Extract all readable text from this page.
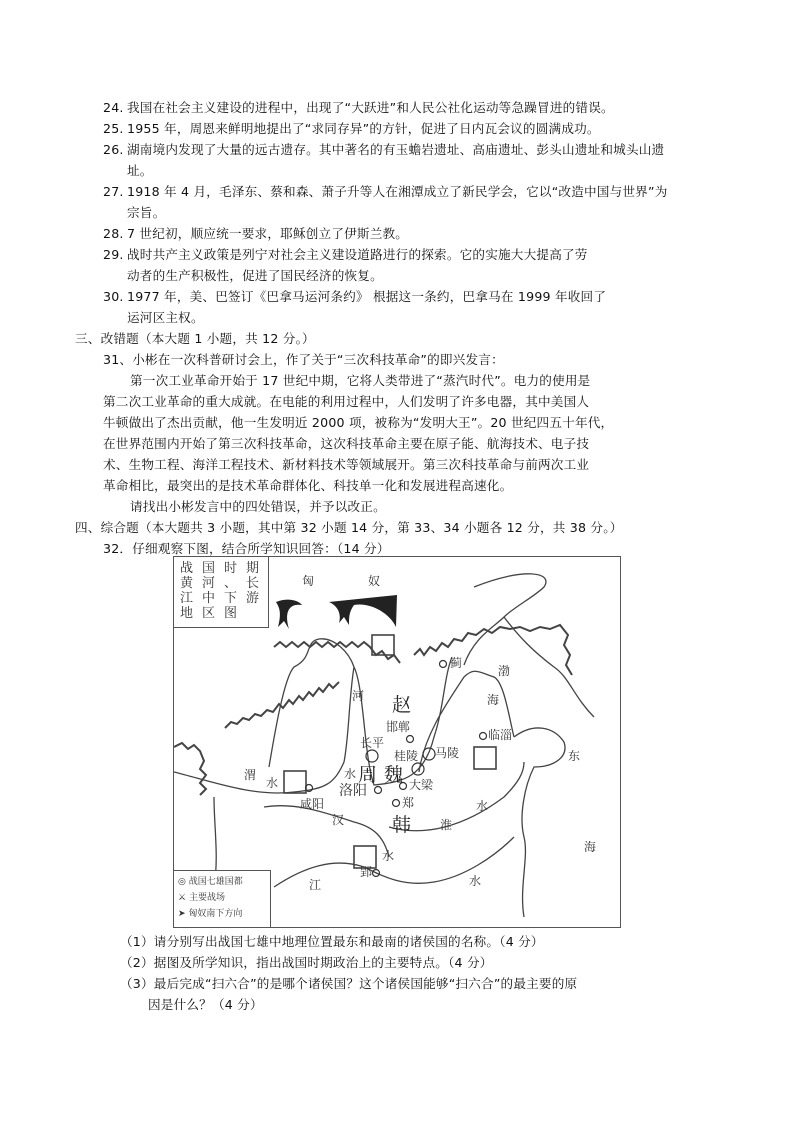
24. 我国在社会主义建设的进程中，出现了“大跃进”和人民公社化运动等急躁冒进的错误。
25. 1955 年，周恩来鲜明地提出了“求同存异”的方针，促进了日内瓦会议的圆满成功。
26. 湖南境内发现了大量的远古遗存。其中著名的有玉蟾岩遗址、高庙遗址、彭头山遗址和城头山遗
址。
27. 1918 年 4 月，毛泽东、蔡和森、萧子升等人在湘潭成立了新民学会，它以“改造中国与世界”为
宗旨。
28. 7 世纪初，顺应统一要求，耶稣创立了伊斯兰教。
29. 战时共产主义政策是列宁对社会主义建设道路进行的探索。它的实施大大提高了劳
动者的生产积极性，促进了国民经济的恢复。
30. 1977 年，美、巴签订《巴拿马运河条约》 根据这一条约，巴拿马在 1999 年收回了
运河区主权。
三、改错题（本大题 1 小题，共 12 分。）
31、小彬在一次科普研讨会上，作了关于“三次科技革命”的即兴发言：
第一次工业革命开始于 17 世纪中期，它将人类带进了“蒸汽时代”。电力的使用是
第二次工业革命的重大成就。在电能的利用过程中，人们发明了许多电器，其中美国人
牛顿做出了杰出贡献，他一生发明近 2000 项，被称为“发明大王”。20 世纪四五十年代，
在世界范围内开始了第三次科技革命，这次科技革命主要在原子能、航海技术、电子技
术、生物工程、海洋工程技术、新材料技术等领域展开。第三次科技革命与前两次工业
革命相比，最突出的是技术革命群体化、科技单一化和发展进程高速化。
请找出小彬发言中的四处错误，并予以改正。
四、综合题（本大题共 3 小题，其中第 32 小题 14 分，第 33、34 小题各 12 分，共 38 分。）
32．仔细观察下图，结合所学知识回答：（14 分）
（1）请分别写出战国七雄中地理位置最东和最南的诸侯国的名称。（4 分）
（2）据图及所学知识，指出战国时期政治上的主要特点。（4 分）
（3）最后完成“扫六合”的是哪个诸侯国？这个诸侯国能够“扫六合”的最主要的原
因是什么？（4 分）
战 国 时 期
黄 河 、 长
江 中 下 游
地 区 图
匈	奴
蓟
渤
海
河 赵
邯郸
长平
桂陵 马陵
临淄
东
渭
水
水 周 魏
洛阳	大梁
咸阳	郑
汉	韩 淮
水
海
水
郢
江	水
◎ 战国七雄国都
⚔ 主要战场
➤ 匈奴南下方向
